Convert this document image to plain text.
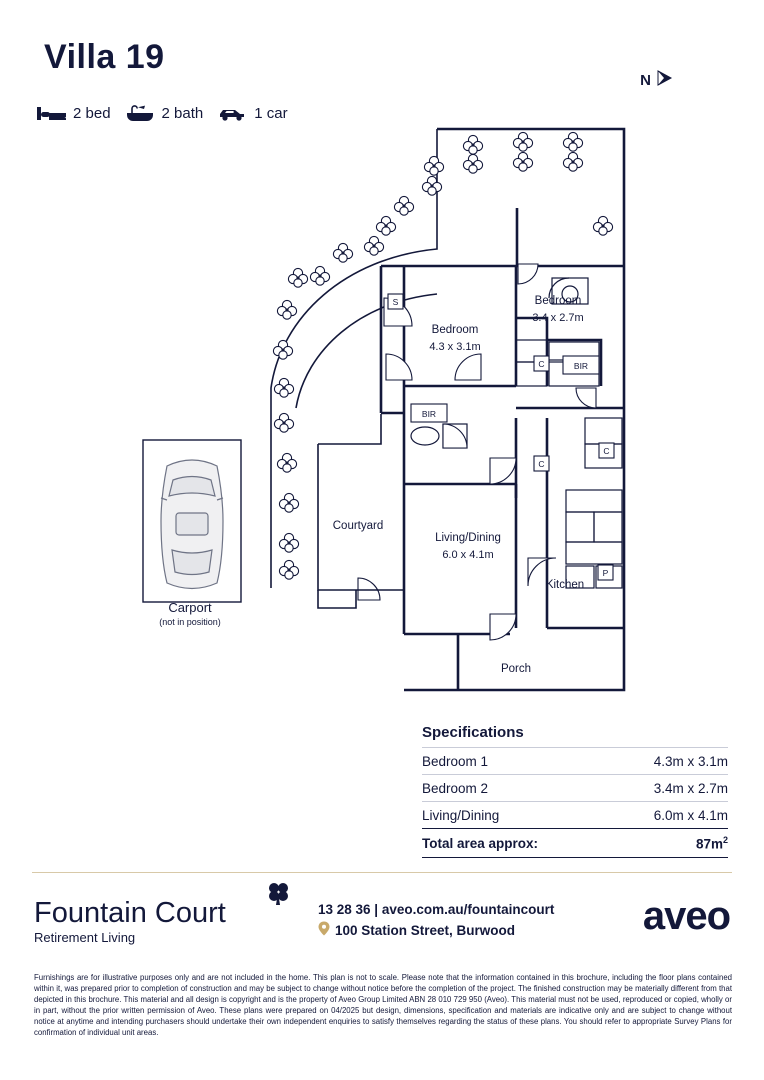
Villa 19
2 bed	2 bath	1 car
N
Bedroom
4.3 x 3.1m
Bedroom
3.4 x 2.7m
Living/Dining
6.0 x 4.1m
Kitchen
Courtyard
Porch
S
BIR
BIR
C
C
C
P
Carport
(not in position)
Specifications
Bedroom 1	4.3m x 3.1m
Bedroom 2	3.4m x 2.7m
Living/Dining	6.0m x 4.1m
Total area approx:	$87m^2$
Fountain Court
Retirement Living
13 28 36 | aveo.com.au/fountaincourt
100 Station Street, Burwood	aveo
Furnishings are for illustrative purposes only and are not included in the home. This plan is not to scale. Please note that the information contained in this brochure, including the floor plans contained within it, was prepared prior to completion of construction and may be subject to change without notice before the completion of the project. The finished construction may be materially different from that depicted in this brochure. This material and all design is copyright and is the property of Aveo Group Limited ABN 28 010 729 950 (Aveo). This material must not be used, reproduced or copied, wholly or in part, without the prior written permission of Aveo. These plans were prepared on 04/2025 but design, dimensions, specification and materials are indicative only and are subject to change without notice at anytime and intending purchasers should undertake their own independent enquiries to satisfy themselves regarding the status of these plans. You should refer to appropriate Survey Plans for confirmation of individual unit areas.
